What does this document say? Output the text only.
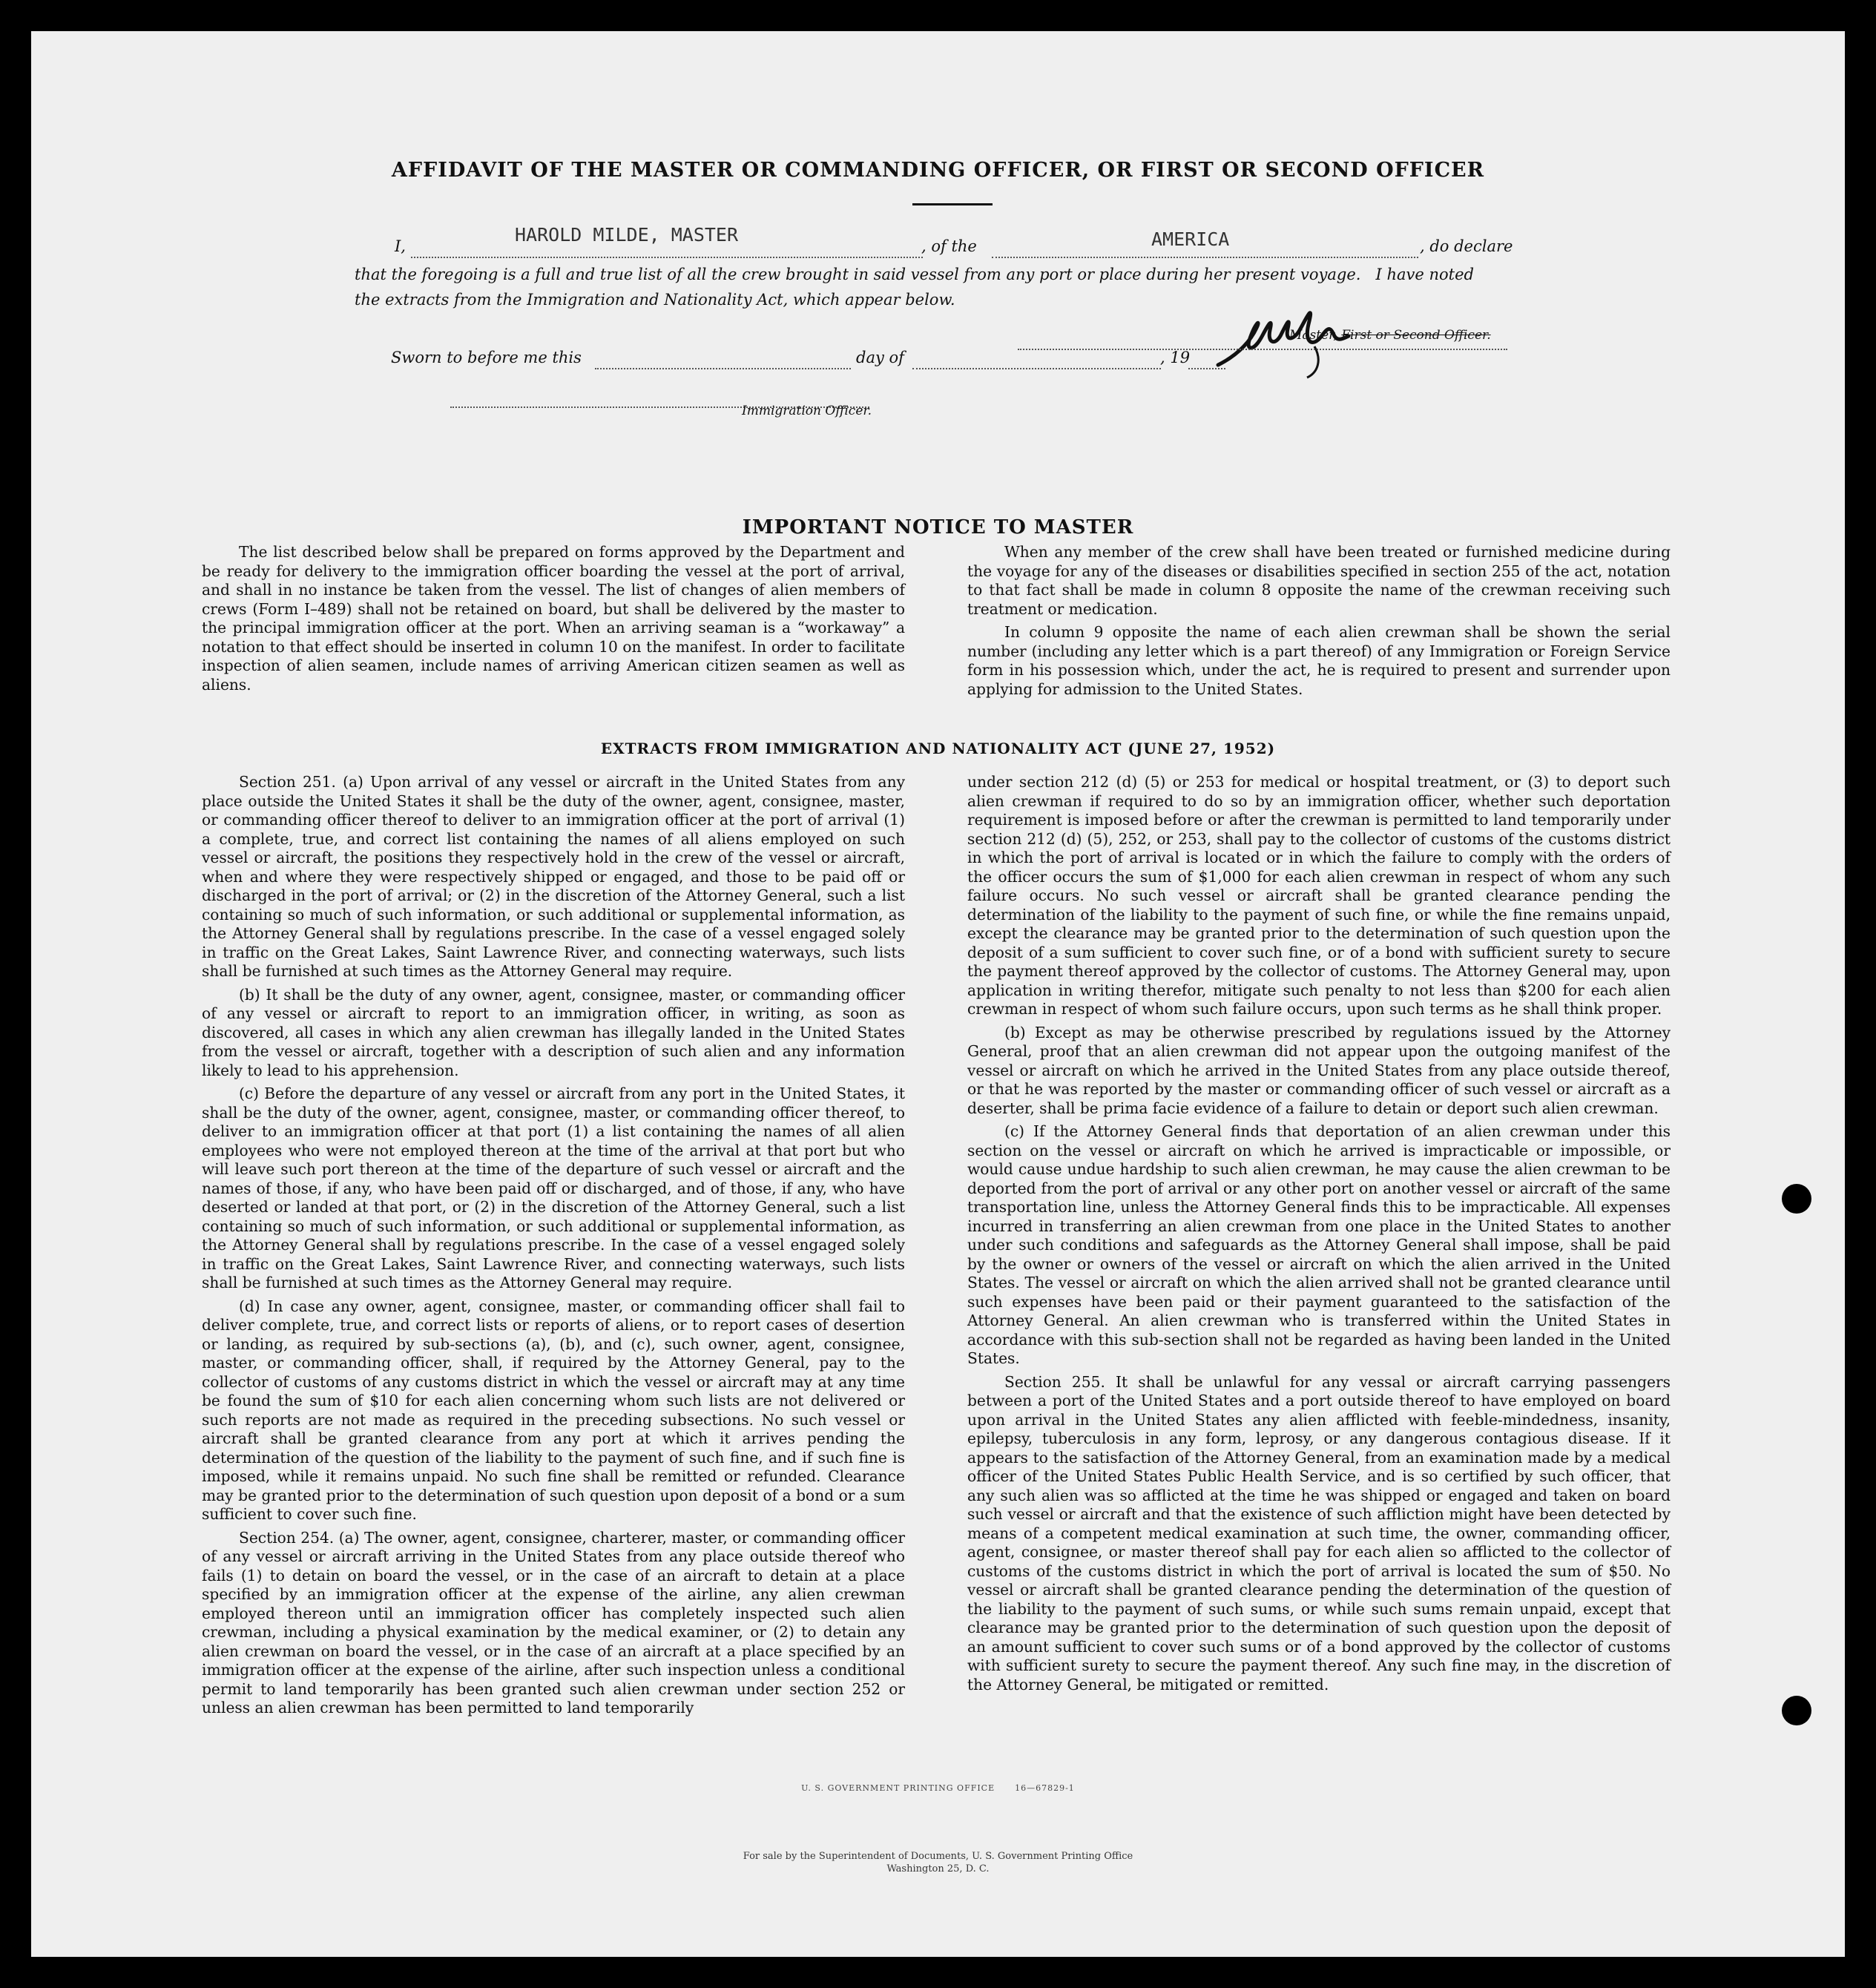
AFFIDAVIT OF THE MASTER OR COMMANDING OFFICER, OR FIRST OR SECOND OFFICER
I,
HAROLD MILDE, MASTER
, of the	AMERICA	, do declare
that the foregoing is a full and true list of all the crew brought in said vessel from any port or place during her present voyage.   I have noted
the extracts from the Immigration and Nationality Act, which appear below.
Master, First or Second Officer.
Sworn to before me this	day of	, 19
Immigration Officer.
IMPORTANT NOTICE TO MASTER

The list described below shall be prepared on forms approved by the Department and be ready for delivery to the immigration officer boarding the vessel at the port of arrival, and shall in no instance be taken from the vessel. The list of changes of alien members of crews (Form I–489) shall not be retained on board, but shall be delivered by the master to the principal immigration officer at the port. When an arriving seaman is a “workaway” a notation to that effect should be inserted in column 10 on the manifest. In order to facilitate inspection of alien seamen, include names of arriving American citizen seamen as well as aliens.

When any member of the crew shall have been treated or furnished medicine during the voyage for any of the diseases or disabilities specified in section 255 of the act, notation to that fact shall be made in column 8 opposite the name of the crewman receiving such treatment or medication.

In column 9 opposite the name of each alien crewman shall be shown the serial number (including any letter which is a part thereof) of any Immigration or Foreign Service form in his possession which, under the act, he is required to present and surrender upon applying for admission to the United States.

EXTRACTS FROM IMMIGRATION AND NATIONALITY ACT (JUNE 27, 1952)

Section 251. (a) Upon arrival of any vessel or aircraft in the United States from any place outside the United States it shall be the duty of the owner, agent, consignee, master, or commanding officer thereof to deliver to an immigration officer at the port of arrival (1) a complete, true, and correct list containing the names of all aliens employed on such vessel or aircraft, the positions they respectively hold in the crew of the vessel or aircraft, when and where they were respectively shipped or engaged, and those to be paid off or discharged in the port of arrival; or (2) in the discretion of the Attorney General, such a list containing so much of such information, or such additional or supplemental information, as the Attorney General shall by regulations prescribe. In the case of a vessel engaged solely in traffic on the Great Lakes, Saint Lawrence River, and connecting waterways, such lists shall be furnished at such times as the Attorney General may require.

(b) It shall be the duty of any owner, agent, consignee, master, or commanding officer of any vessel or aircraft to report to an immigration officer, in writing, as soon as discovered, all cases in which any alien crewman has illegally landed in the United States from the vessel or aircraft, together with a description of such alien and any information likely to lead to his apprehension.

(c) Before the departure of any vessel or aircraft from any port in the United States, it shall be the duty of the owner, agent, consignee, master, or commanding officer thereof, to deliver to an immigration officer at that port (1) a list containing the names of all alien employees who were not employed thereon at the time of the arrival at that port but who will leave such port thereon at the time of the departure of such vessel or aircraft and the names of those, if any, who have been paid off or discharged, and of those, if any, who have deserted or landed at that port, or (2) in the discretion of the Attorney General, such a list containing so much of such information, or such additional or supplemental information, as the Attorney General shall by regulations prescribe. In the case of a vessel engaged solely in traffic on the Great Lakes, Saint Lawrence River, and connecting waterways, such lists shall be furnished at such times as the Attorney General may require.

(d) In case any owner, agent, consignee, master, or commanding officer shall fail to deliver complete, true, and correct lists or reports of aliens, or to report cases of desertion or landing, as required by sub-sections (a), (b), and (c), such owner, agent, consignee, master, or commanding officer, shall, if required by the Attorney General, pay to the collector of customs of any customs district in which the vessel or aircraft may at any time be found the sum of $10 for each alien concerning whom such lists are not delivered or such reports are not made as required in the preceding subsections. No such vessel or aircraft shall be granted clearance from any port at which it arrives pending the determination of the question of the liability to the payment of such fine, and if such fine is imposed, while it remains unpaid. No such fine shall be remitted or refunded. Clearance may be granted prior to the determination of such question upon deposit of a bond or a sum sufficient to cover such fine.

Section 254. (a) The owner, agent, consignee, charterer, master, or commanding officer of any vessel or aircraft arriving in the United States from any place outside thereof who fails (1) to detain on board the vessel, or in the case of an aircraft to detain at a place specified by an immigration officer at the expense of the airline, any alien crewman employed thereon until an immigration officer has completely inspected such alien crewman, including a physical examination by the medical examiner, or (2) to detain any alien crewman on board the vessel, or in the case of an aircraft at a place specified by an immigration officer at the expense of the airline, after such inspection unless a conditional permit to land temporarily has been granted such alien crewman under section 252 or unless an alien crewman has been permitted to land temporarily

under section 212 (d) (5) or 253 for medical or hospital treatment, or (3) to deport such alien crewman if required to do so by an immigration officer, whether such deportation requirement is imposed before or after the crewman is permitted to land temporarily under section 212 (d) (5), 252, or 253, shall pay to the collector of customs of the customs district in which the port of arrival is located or in which the failure to comply with the orders of the officer occurs the sum of $1,000 for each alien crewman in respect of whom any such failure occurs. No such vessel or aircraft shall be granted clearance pending the determination of the liability to the payment of such fine, or while the fine remains unpaid, except the clearance may be granted prior to the determination of such question upon the deposit of a sum sufficient to cover such fine, or of a bond with sufficient surety to secure the payment thereof approved by the collector of customs. The Attorney General may, upon application in writing therefor, mitigate such penalty to not less than $200 for each alien crewman in respect of whom such failure occurs, upon such terms as he shall think proper.

(b) Except as may be otherwise prescribed by regulations issued by the Attorney General, proof that an alien crewman did not appear upon the outgoing manifest of the vessel or aircraft on which he arrived in the United States from any place outside thereof, or that he was reported by the master or commanding officer of such vessel or aircraft as a deserter, shall be prima facie evidence of a failure to detain or deport such alien crewman.

(c) If the Attorney General finds that deportation of an alien crewman under this section on the vessel or aircraft on which he arrived is impracticable or impossible, or would cause undue hardship to such alien crewman, he may cause the alien crewman to be deported from the port of arrival or any other port on another vessel or aircraft of the same transportation line, unless the Attorney General finds this to be impracticable. All expenses incurred in transferring an alien crewman from one place in the United States to another under such conditions and safeguards as the Attorney General shall impose, shall be paid by the owner or owners of the vessel or aircraft on which the alien arrived in the United States. The vessel or aircraft on which the alien arrived shall not be granted clearance until such expenses have been paid or their payment guaranteed to the satisfaction of the Attorney General. An alien crewman who is transferred within the United States in accordance with this sub-section shall not be regarded as having been landed in the United States.

Section 255. It shall be unlawful for any vessal or aircraft carrying passengers between a port of the United States and a port outside thereof to have employed on board upon arrival in the United States any alien afflicted with feeble-mindedness, insanity, epilepsy, tuberculosis in any form, leprosy, or any dangerous contagious disease. If it appears to the satisfaction of the Attorney General, from an examination made by a medical officer of the United States Public Health Service, and is so certified by such officer, that any such alien was so afflicted at the time he was shipped or engaged and taken on board such vessel or aircraft and that the existence of such affliction might have been detected by means of a competent medical examination at such time, the owner, commanding officer, agent, consignee, or master thereof shall pay for each alien so afflicted to the collector of customs of the customs district in which the port of arrival is located the sum of $50. No vessel or aircraft shall be granted clearance pending the determination of the question of the liability to the payment of such sums, or while such sums remain unpaid, except that clearance may be granted prior to the determination of such question upon the deposit of an amount sufficient to cover such sums or of a bond approved by the collector of customs with sufficient surety to secure the payment thereof. Any such fine may, in the discretion of the Attorney General, be mitigated or remitted.

U. S. GOVERNMENT PRINTING OFFICE      16—67829-1
For sale by the Superintendent of Documents, U. S. Government Printing Office
Washington 25, D. C.
